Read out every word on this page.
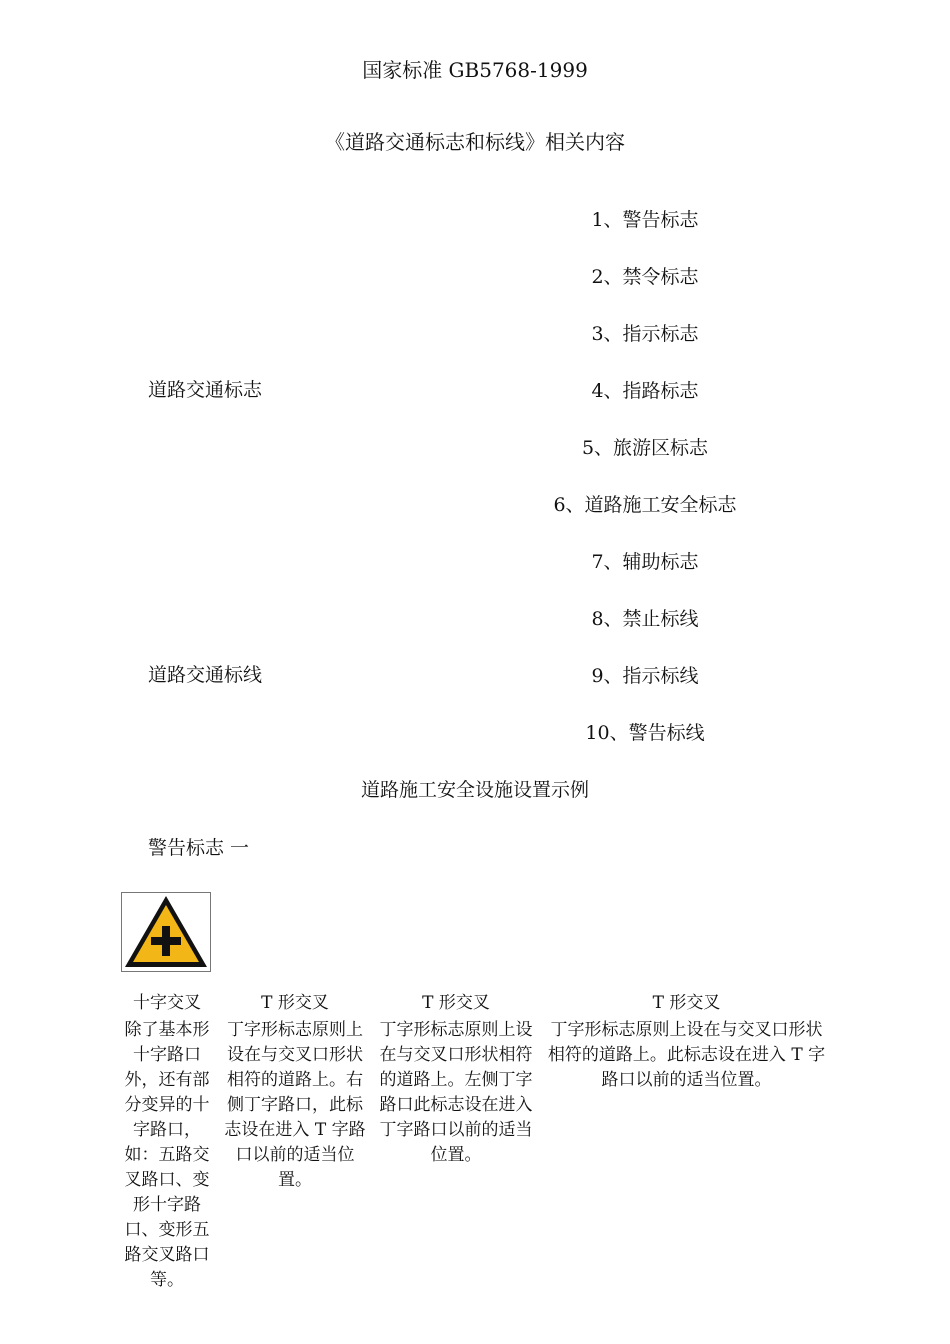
国家标准 GB5768-1999
《道路交通标志和标线》相关内容
道路交通标志
道路交通标线
1、警告标志
2、禁令标志
3、指示标志
4、指路标志
5、旅游区标志
6、道路施工安全标志
7、辅助标志
8、禁止标线
9、指示标线
10、警告标线
道路施工安全设施设置示例
警告标志 一
十字交叉
除了基本形十字路口外，还有部分变异的十字路口，如：五路交叉路口、变形十字路口、变形五路交叉路口等。
T 形交叉
丁字形标志原则上设在与交叉口形状相符的道路上。右侧丁字路口，此标志设在进入 T 字路口以前的适当位置。
T 形交叉
丁字形标志原则上设在与交叉口形状相符的道路上。左侧丁字路口此标志设在进入丁字路口以前的适当位置。
T 形交叉
丁字形标志原则上设在与交叉口形状相符的道路上。此标志设在进入 T 字路口以前的适当位置。
